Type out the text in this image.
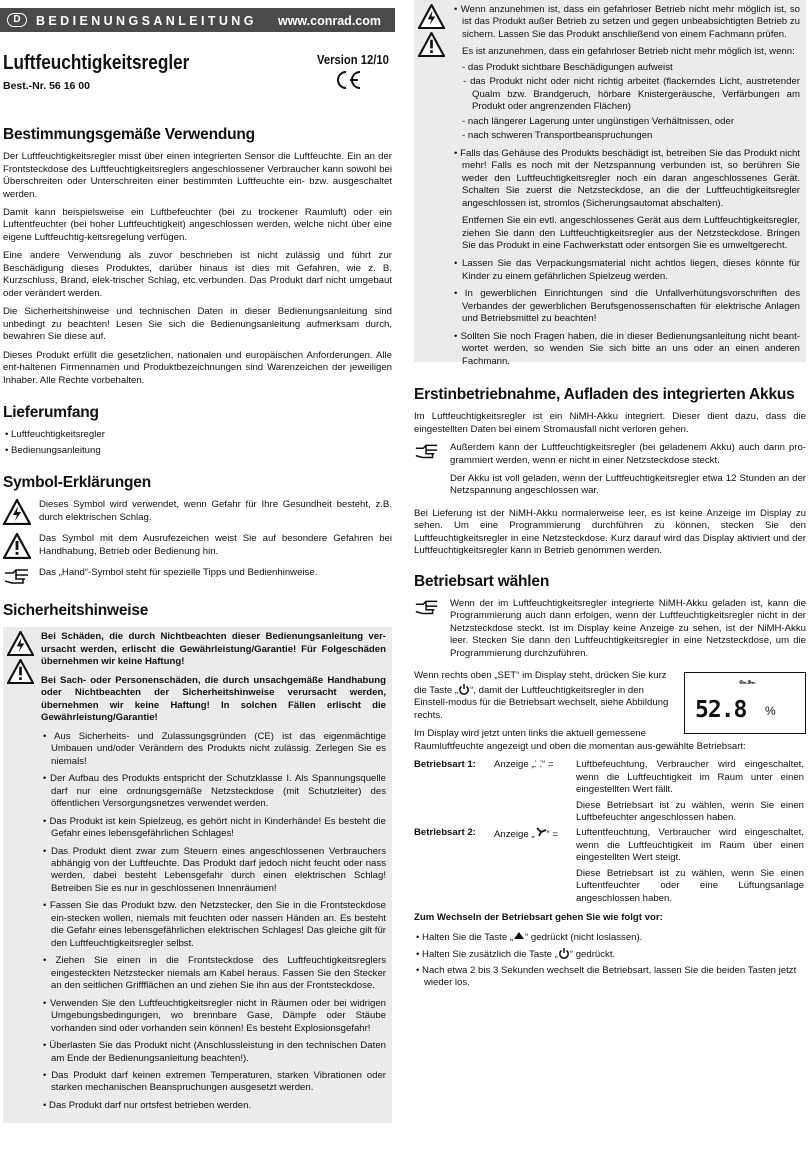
D	BEDIENUNGSANLEITUNG www.conrad.com
Luftfeuchtigkeitsregler	Version 12/10
Best.-Nr. 56 16 00
Bestimmungsgemäße Verwendung

Der Luftfeuchtigkeitsregler misst über einen integrierten Sensor die Luftfeuchte. Ein an der Frontsteckdose des Luftfeuchtigkeitsreglers angeschlossener Verbraucher kann sowohl bei Überschreiten oder Unterschreiten einer bestimmten Luftfeuchte ein- bzw. ausgeschaltet werden.

Damit kann beispielsweise ein Luftbefeuchter (bei zu trockener Raumluft) oder ein Luftentfeuchter (bei hoher Luftfeuchtigkeit) angeschlossen werden, welche nicht über eine eigene Luftfeuchtig-keitsregelung verfügen.

Eine andere Verwendung als zuvor beschrieben ist nicht zulässig und führt zur Beschädigung dieses Produktes, darüber hinaus ist dies mit Gefahren, wie z. B. Kurzschluss, Brand, elek-trischer Schlag, etc.verbunden. Das Produkt darf nicht umgebaut oder verändert werden.

Die Sicherheitshinweise und technischen Daten in dieser Bedienungsanleitung sind unbedingt zu beachten! Lesen Sie sich die Bedienungsanleitung aufmerksam durch, bewahren Sie diese auf.

Dieses Produkt erfüllt die gesetzlichen, nationalen und europäischen Anforderungen. Alle ent-haltenen Firmennamen und Produktbezeichnungen sind Warenzeichen der jeweiligen Inhaber. Alle Rechte vorbehalten.

Lieferumfang
• Luftfeuchtigkeitsregler
• Bedienungsanleitung
Symbol-Erklärungen

Dieses Symbol wird verwendet, wenn Gefahr für Ihre Gesundheit besteht, z.B. durch elektrischen Schlag.

Das Symbol mit dem Ausrufezeichen weist Sie auf besondere Gefahren bei Handhabung, Betrieb oder Bedienung hin.

Das „Hand“-Symbol steht für spezielle Tipps und Bedienhinweise.

Sicherheitshinweise

Bei Schäden, die durch Nichtbeachten dieser Bedienungsanleitung ver-ursacht werden, erlischt die Gewährleistung/Garantie! Für Folgeschäden übernehmen wir keine Haftung!

Bei Sach- oder Personenschäden, die durch unsachgemäße Handhabung oder Nichtbeachten der Sicherheitshinweise verursacht werden, übernehmen wir keine Haftung! In solchen Fällen erlischt die Gewährleistung/Garantie!

• Aus Sicherheits- und Zulassungsgründen (CE) ist das eigenmächtige Umbauen und/oder Verändern des Produkts nicht zulässig. Zerlegen Sie es niemals!
• Der Aufbau des Produkts entspricht der Schutzklasse I. Als Spannungsquelle darf nur eine ordnungsgemäße Netzsteckdose (mit Schutzleiter) des öffentlichen Versorgungsnetzes verwendet werden.
• Das Produkt ist kein Spielzeug, es gehört nicht in Kinderhände! Es besteht die Gefahr eines lebensgefährlichen Schlages!
• Das Produkt dient zwar zum Steuern eines angeschlossenen Verbrauchers abhängig von der Luftfeuchte. Das Produkt darf jedoch nicht feucht oder nass werden, dabei besteht Lebensgefahr durch einen elektrischen Schlag! Betreiben Sie es nur in geschlossenen Innenräumen!
• Fassen Sie das Produkt bzw. den Netzstecker, den Sie in die Frontsteckdose ein-stecken wollen, niemals mit feuchten oder nassen Händen an. Es besteht die Gefahr eines lebensgefährlichen elektrischen Schlages! Das gleiche gilt für den Luftfeuchtigkeitsregler selbst.
• Ziehen Sie einen in die Frontsteckdose des Luftfeuchtigkeitsreglers eingesteckten Netzstecker niemals am Kabel heraus. Fassen Sie den Stecker an den seitlichen Griffflächen an und ziehen Sie ihn aus der Frontsteckdose.
• Verwenden Sie den Luftfeuchtigkeitsregler nicht in Räumen oder bei widrigen Umgebungsbedingungen, wo brennbare Gase, Dämpfe oder Stäube vorhanden sind oder vorhanden sein können! Es besteht Explosionsgefahr!
• Überlasten Sie das Produkt nicht (Anschlussleistung in den technischen Daten am Ende der Bedienungsanleitung beachten!).
• Das Produkt darf keinen extremen Temperaturen, starken Vibrationen oder starken mechanischen Beanspruchungen ausgesetzt werden.
• Das Produkt darf nur ortsfest betrieben werden.
• Wenn anzunehmen ist, dass ein gefahrloser Betrieb nicht mehr möglich ist, so ist das Produkt außer Betrieb zu setzen und gegen unbeabsichtigten Betrieb zu sichern. Lassen Sie das Produkt anschließend von einem Fachmann prüfen.

Es ist anzunehmen, dass ein gefahrloser Betrieb nicht mehr möglich ist, wenn:

- das Produkt sichtbare Beschädigungen aufweist

- das Produkt nicht oder nicht richtig arbeitet (flackerndes Licht, austretender Qualm bzw. Brandgeruch, hörbare Knistergeräusche, Verfärbungen am Produkt oder angrenzenden Flächen)

- nach längerer Lagerung unter ungünstigen Verhältnissen, oder

- nach schweren Transportbeanspruchungen

• Falls das Gehäuse des Produkts beschädigt ist, betreiben Sie das Produkt nicht mehr! Falls es noch mit der Netzspannung verbunden ist, so berühren Sie weder den Luftfeuchtigkeitsregler noch ein daran angeschlossenes Gerät. Schalten Sie zuerst die Netzsteckdose, an die der Luftfeuchtigkeitsregler angeschlossen ist, stromlos (Sicherungsautomat abschalten).

Entfernen Sie ein evtl. angeschlossenes Gerät aus dem Luftfeuchtigkeitsregler, ziehen Sie dann den Luftfeuchtigkeitsregler aus der Netzsteckdose. Bringen Sie das Produkt in eine Fachwerkstatt oder entsorgen Sie es umweltgerecht.

• Lassen Sie das Verpackungsmaterial nicht achtlos liegen, dieses könnte für Kinder zu einem gefährlichen Spielzeug werden.
• In gewerblichen Einrichtungen sind die Unfallverhütungsvorschriften des Verbandes der gewerblichen Berufsgenossenschaften für elektrische Anlagen und Betriebsmittel zu beachten!
• Sollten Sie noch Fragen haben, die in dieser Bedienungsanleitung nicht beant-wortet werden, so wenden Sie sich bitte an uns oder an einen anderen Fachmann.
Erstinbetriebnahme, Aufladen des integrierten Akkus

Im Luftfeuchtigkeitsregler ist ein NiMH-Akku integriert. Dieser dient dazu, dass die eingestellten Daten bei einem Stromausfall nicht verloren gehen.

Außerdem kann der Luftfeuchtigkeitsregler (bei geladenem Akku) auch dann pro-grammiert werden, wenn er nicht in einer Netzsteckdose steckt.

Der Akku ist voll geladen, wenn der Luftfeuchtigkeitsregler etwa 12 Stunden an der Netzspannung angeschlossen war.

Bei Lieferung ist der NiMH-Akku normalerweise leer, es ist keine Anzeige im Display zu sehen. Um eine Programmierung durchführen zu können, stecken Sie den Luftfeuchtigkeitsregler in eine Netzsteckdose. Kurz darauf wird das Display aktiviert und der Luftfeuchtigkeitsregler kann in Betrieb genommen werden.

Betriebsart wählen

Wenn der im Luftfeuchtigkeitsregler integrierte NiMH-Akku geladen ist, kann die Programmierung auch dann erfolgen, wenn der Luftfeuchtigkeitsregler nicht in der Netzsteckdose steckt. Ist im Display keine Anzeige zu sehen, ist der NiMH-Akku leer. Stecken Sie dann den Luftfeuchtigkeitsregler in eine Netzsteckdose, um die Programmierung durchzuführen.

๛๛
52.8 %

Wenn rechts oben „SET“ im Display steht, drücken Sie kurz die Taste „ “, damit der Luftfeuchtigkeitsregler in den Einstell-modus für die Betriebsart wechselt, siehe Abbildung rechts.

Im Display wird jetzt unten links die aktuell gemessene Raumluftfeuchte angezeigt und oben die momentan aus-gewählte Betriebsart:

Betriebsart 1:	Anzeige „⸬“ =	Luftbefeuchtung, Verbraucher wird eingeschaltet, wenn die Luftfeuchtigkeit im Raum unter einen eingestellten Wert fällt.
		Diese Betriebsart ist zu wählen, wenn Sie einen Luftbefeuchter angeschlossen haben.
Betriebsart 2:	Anzeige „ “ =	Luftentfeuchtung, Verbraucher wird eingeschaltet, wenn die Luftfeuchtigkeit im Raum über einen eingestellten Wert steigt.
		Diese Betriebsart ist zu wählen, wenn Sie einen Luftentfeuchter oder eine Lüftungsanlage angeschlossen haben.

Zum Wechseln der Betriebsart gehen Sie wie folgt vor:

• Halten Sie die Taste „ “ gedrückt (nicht loslassen).
• Halten Sie zusätzlich die Taste „ “ gedrückt.
• Nach etwa 2 bis 3 Sekunden wechselt die Betriebsart, lassen Sie die beiden Tasten jetzt wieder los.
